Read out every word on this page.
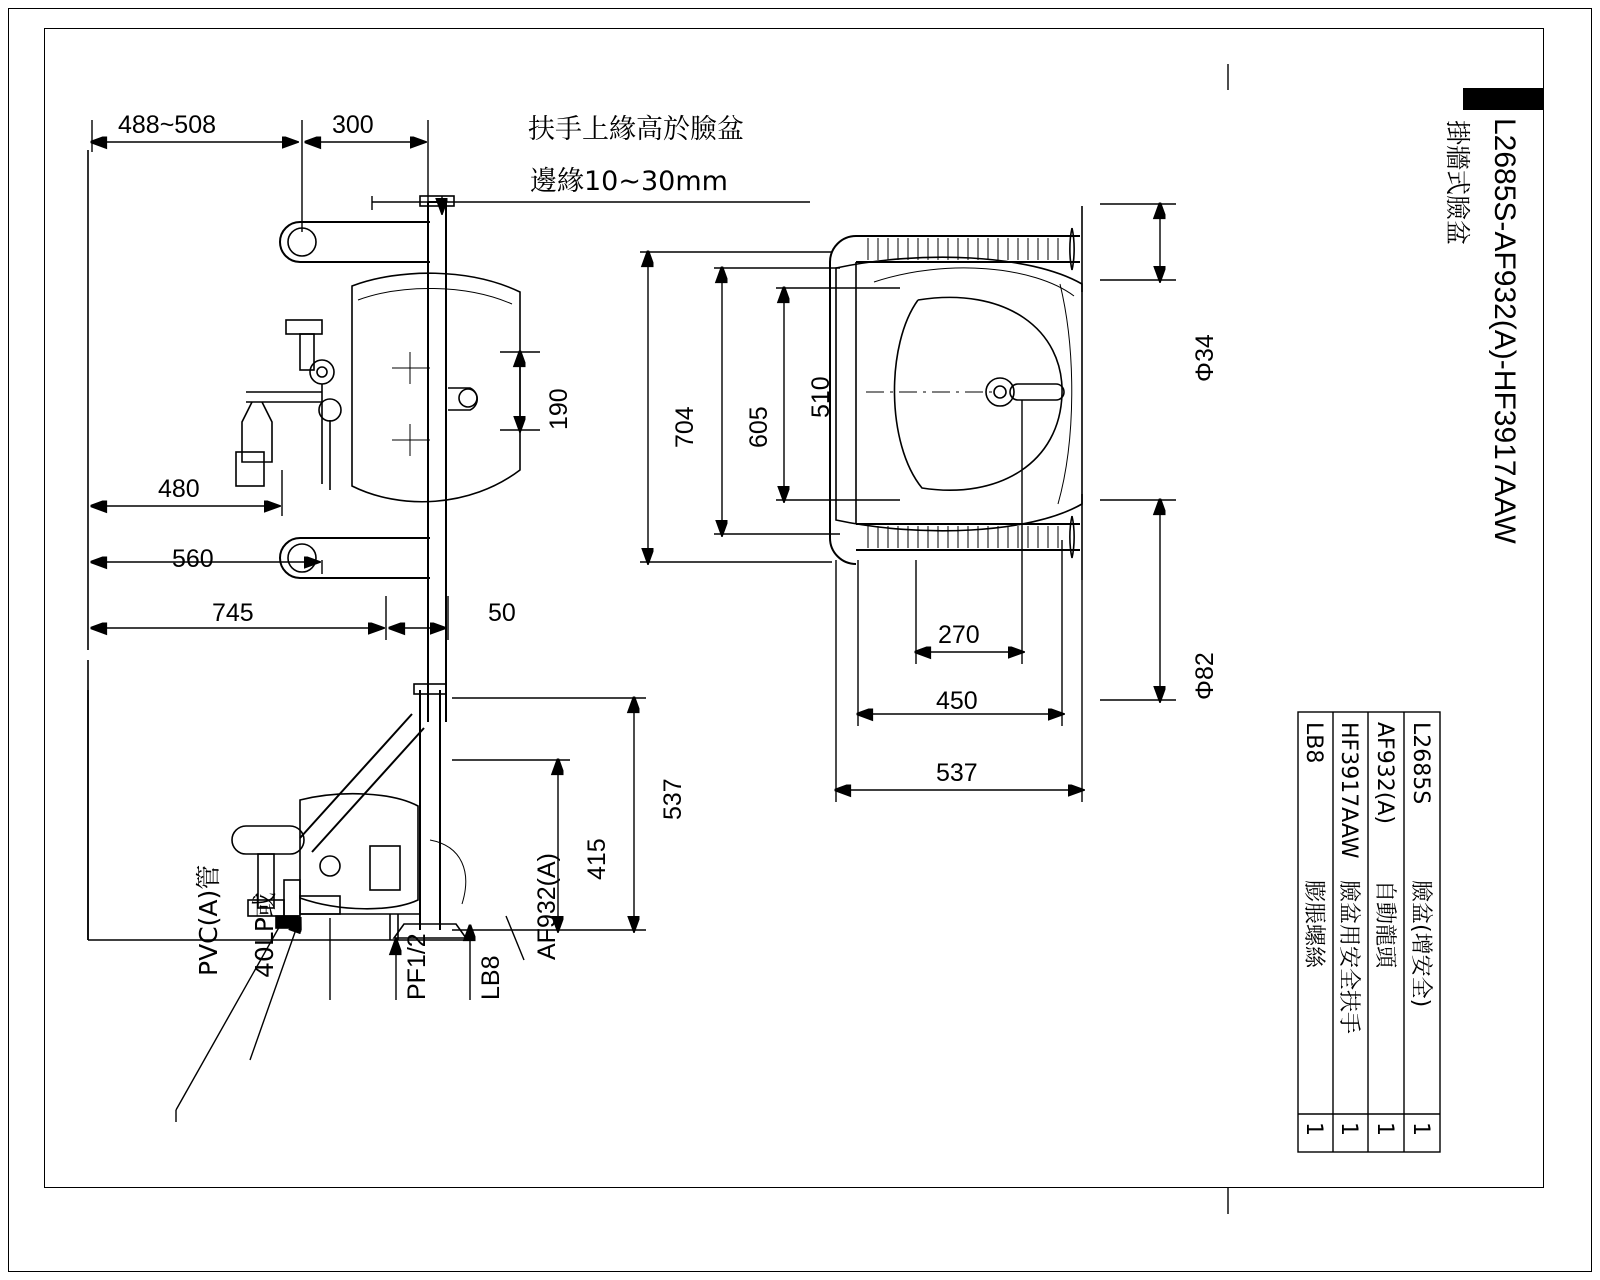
488~508	300
480
560
745	50
190
扶手上緣高於臉盆
邊緣10~30mm
704 605
510
Φ34
Φ82
270
450
537
537
415
AF932(A)
LB8
PF1/2
40LP或
PVC(A)管
L2685S-AF932(A)-HF3917AAW
掛牆式臉盆
L2685S
臉盆(增安全)
1
AF932(A)
自動龍頭
1
HF3917AAW
臉盆用安全扶手
1
LB8
膨脹螺絲
1
